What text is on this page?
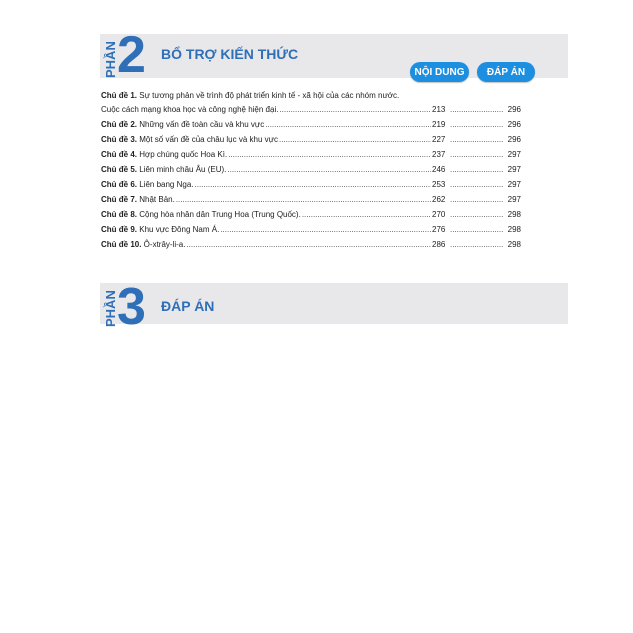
PHẦN 2 BỔ TRỢ KIẾN THỨC
NỘI DUNG	ĐÁP ÁN
Chủ đề 1. Sự tương phản về trình độ phát triển kinh tế - xã hội của các nhóm nước.
Cuộc cách mạng khoa học và công nghệ hiện đại. .....	213 .....	296
Chủ đề 2. Những vấn đề toàn cầu và khu vực .....	219 .....	296
Chủ đề 3. Một số vấn đề của châu lục và khu vực .....	227 .....	296
Chủ đề 4. Hợp chúng quốc Hoa Kì. .....	237 .....	297
Chủ đề 5. Liên minh châu Âu (EU). .....	246 .....	297
Chủ đề 6. Liên bang Nga. .....	253 .....	297
Chủ đề 7. Nhật Bản. .....	262 .....	297
Chủ đề 8. Cộng hòa nhân dân Trung Hoa (Trung Quốc). .....	270 .....	298
Chủ đề 9. Khu vực Đông Nam Á. .....	276 .....	298
Chủ đề 10. Ô-xtrây-li-a. .....	286 .....	298
PHẦN 3 ĐÁP ÁN
